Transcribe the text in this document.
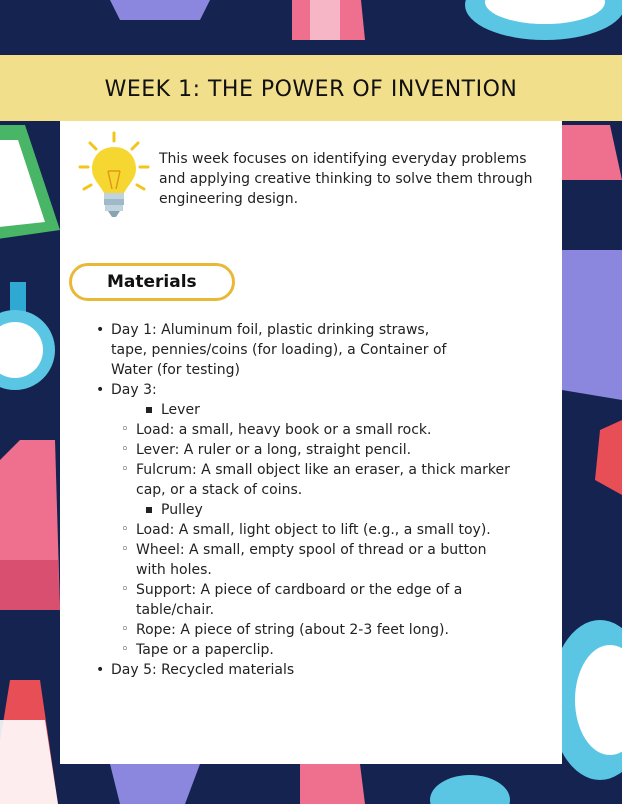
WEEK 1: THE POWER OF INVENTION
This week focuses on identifying everyday problems and applying creative thinking to solve them through engineering design.
Materials
• Day 1: Aluminum foil, plastic drinking straws, tape, pennies/coins (for loading), a Container of Water (for testing)
• Day 3:
Lever
◦ Load: a small, heavy book or a small rock.
◦ Lever: A ruler or a long, straight pencil.
◦ Fulcrum: A small object like an eraser, a thick marker cap, or a stack of coins.
Pulley
◦ Load: A small, light object to lift (e.g., a small toy).
◦ Wheel: A small, empty spool of thread or a button with holes.
◦ Support: A piece of cardboard or the edge of a table/chair.
◦ Rope: A piece of string (about 2-3 feet long).
◦ Tape or a paperclip.
• Day 5: Recycled materials
